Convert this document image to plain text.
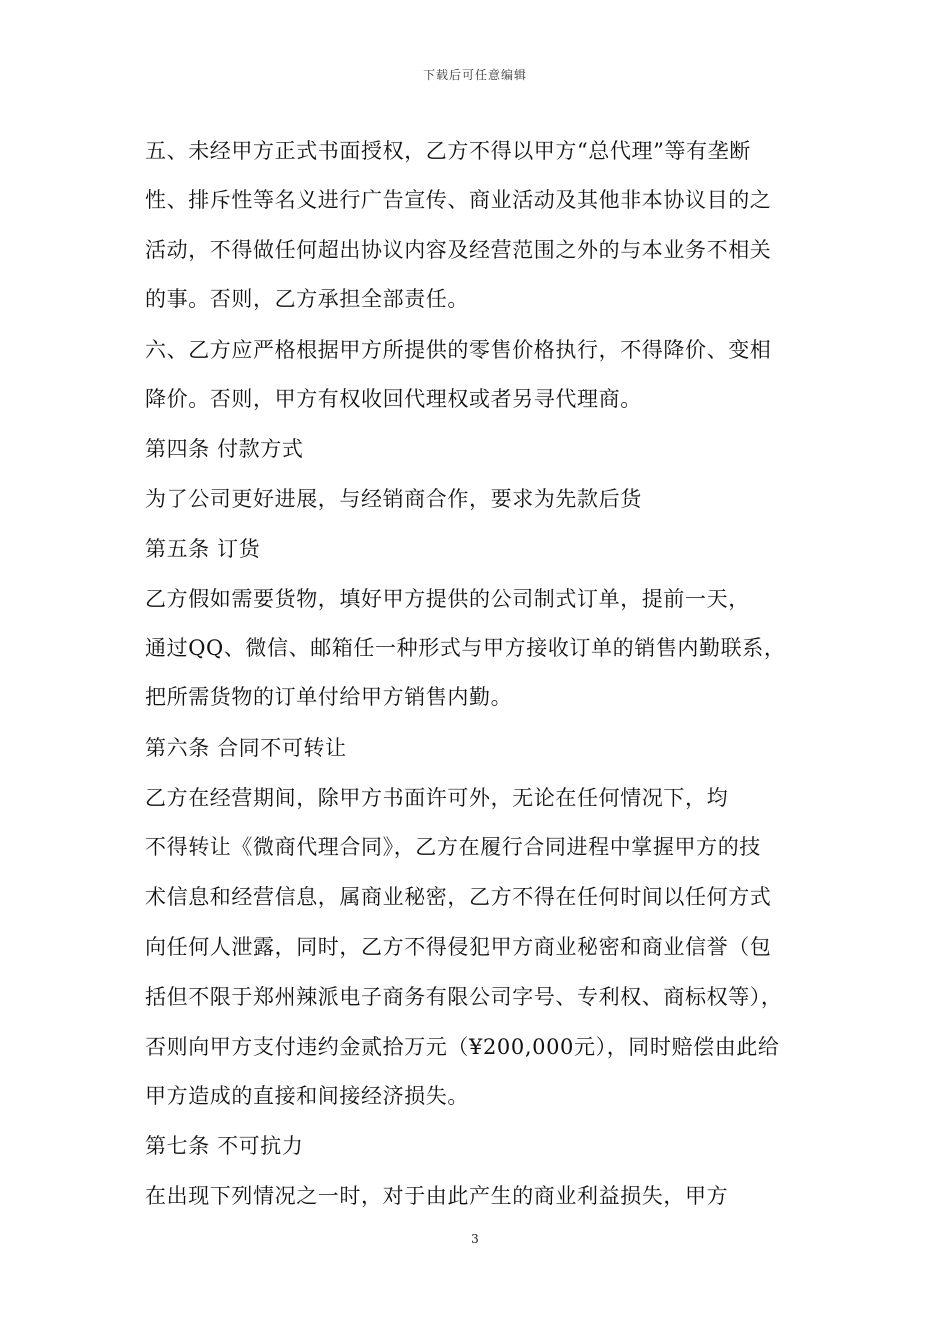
下载后可任意编辑
五、未经甲方正式书面授权，乙方不得以甲方“总代理”等有垄断
性、排斥性等名义进行广告宣传、商业活动及其他非本协议目的之
活动，不得做任何超出协议内容及经营范围之外的与本业务不相关
的事。否则，乙方承担全部责任。
六、乙方应严格根据甲方所提供的零售价格执行，不得降价、变相
降价。否则，甲方有权收回代理权或者另寻代理商。
第四条 付款方式
为了公司更好进展，与经销商合作，要求为先款后货
第五条 订货
乙方假如需要货物，填好甲方提供的公司制式订单，提前一天，
通过QQ、微信、邮箱任一种形式与甲方接收订单的销售内勤联系，
把所需货物的订单付给甲方销售内勤。
第六条 合同不可转让
乙方在经营期间，除甲方书面许可外，无论在任何情况下，均
不得转让《微商代理合同》，乙方在履行合同进程中掌握甲方的技
术信息和经营信息，属商业秘密，乙方不得在任何时间以任何方式
向任何人泄露，同时，乙方不得侵犯甲方商业秘密和商业信誉（包
括但不限于郑州辣派电子商务有限公司字号、专利权、商标权等），
否则向甲方支付违约金贰拾万元（¥200,000元），同时赔偿由此给
甲方造成的直接和间接经济损失。
第七条 不可抗力
在出现下列情况之一时，对于由此产生的商业利益损失，甲方
3
